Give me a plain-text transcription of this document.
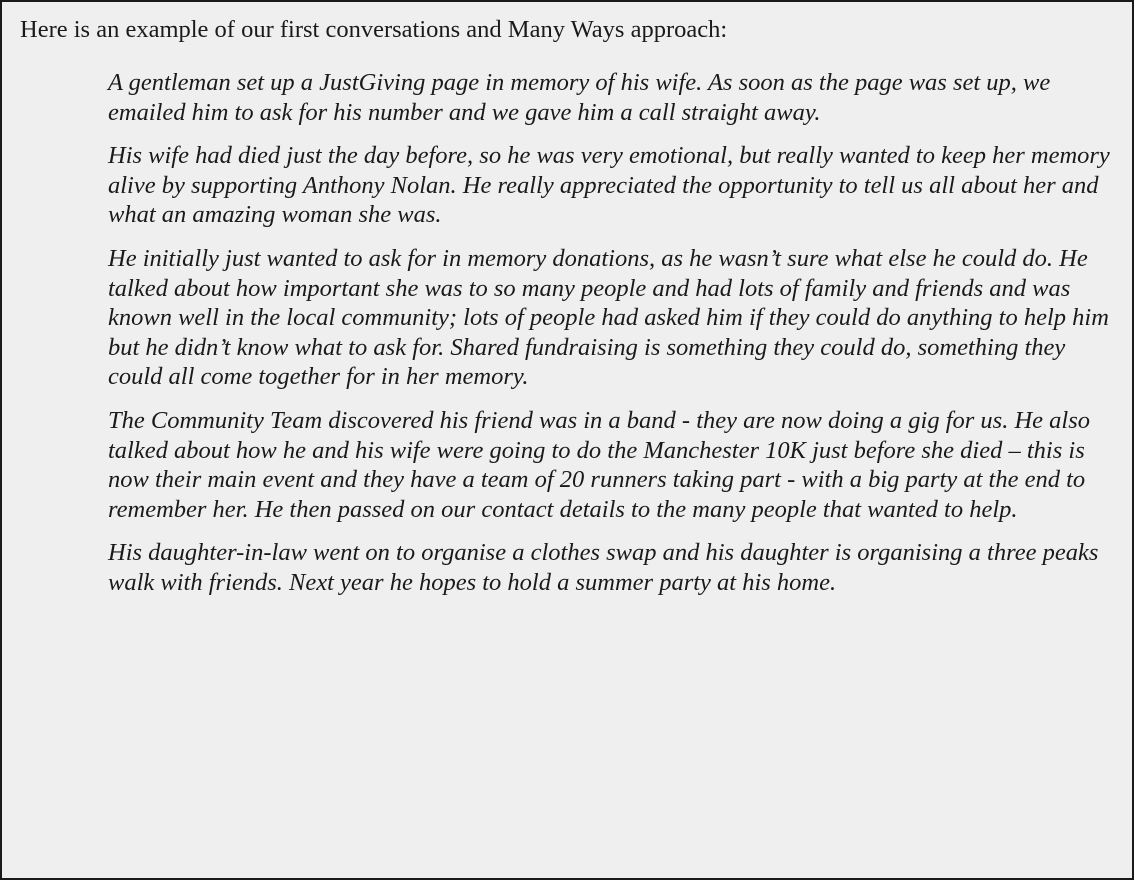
Here is an example of our first conversations and Many Ways approach:

A gentleman set up a JustGiving page in memory of his wife. As soon as the page was set up, we emailed him to ask for his number and we gave him a call straight away.

His wife had died just the day before, so he was very emotional, but really wanted to keep her memory alive by supporting Anthony Nolan. He really appreciated the opportunity to tell us all about her and what an amazing woman she was.

He initially just wanted to ask for in memory donations, as he wasn’t sure what else he could do. He talked about how important she was to so many people and had lots of family and friends and was known well in the local community; lots of people had asked him if they could do anything to help him but he didn’t know what to ask for. Shared fundraising is something they could do, something they could all come together for in her memory.

The Community Team discovered his friend was in a band - they are now doing a gig for us. He also talked about how he and his wife were going to do the Manchester 10K just before she died – this is now their main event and they have a team of 20 runners taking part - with a big party at the end to remember her. He then passed on our contact details to the many people that wanted to help.

His daughter-in-law went on to organise a clothes swap and his daughter is organising a three peaks walk with friends. Next year he hopes to hold a summer party at his home.
